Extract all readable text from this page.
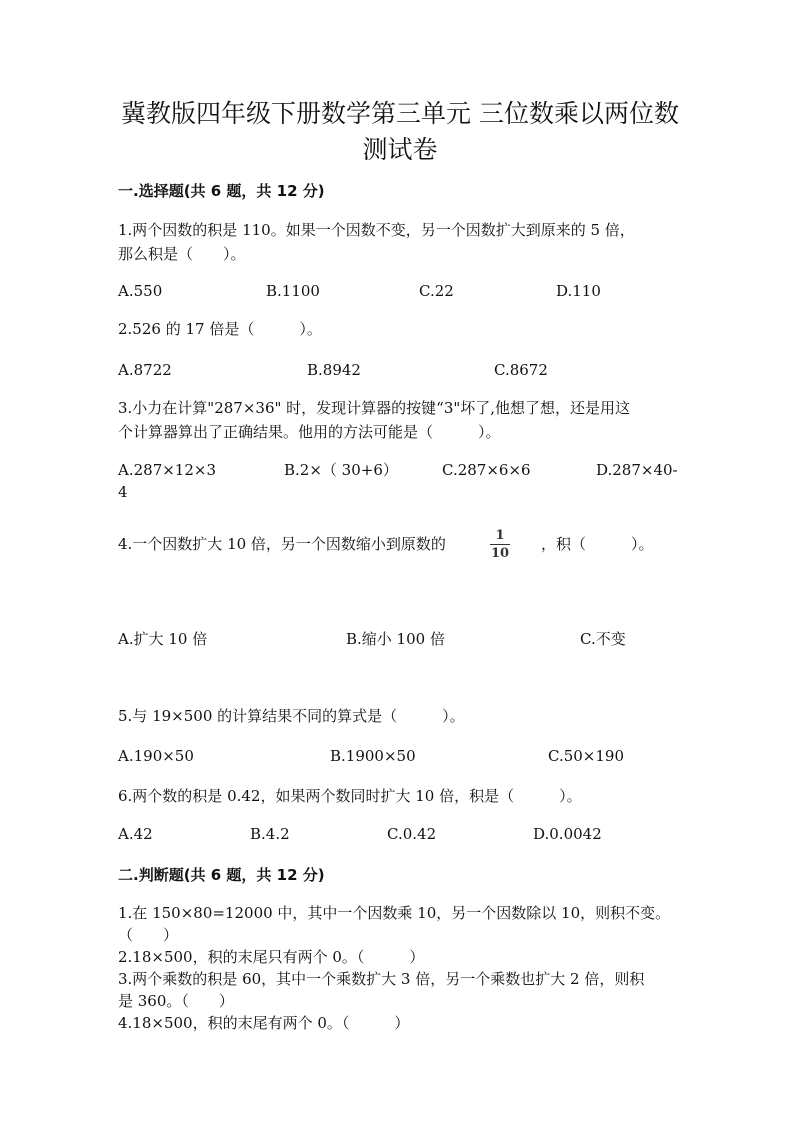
冀教版四年级下册数学第三单元 三位数乘以两位数
测试卷
一.选择题(共 6 题，共 12 分)
1.两个因数的积是 110。如果一个因数不变，另一个因数扩大到原来的 5 倍，
那么积是（　　）。
A.550	B.1100	C.22	D.110
2.526 的 17 倍是（　　　）。
A.8722	B.8942	C.8672
3.小力在计算"287×36" 时，发现计算器的按键“3"坏了,他想了想，还是用这
个计算器算出了正确结果。他用的方法可能是（　　　）。
A.287×12×3	B.2×（ 30+6）	C.287×6×6	D.287×40-
4
4.一个因数扩大 10 倍，另一个因数缩小到原数的	1
10
，积（　　　）。
A.扩大 10 倍	B.缩小 100 倍	C.不变
5.与 19×500 的计算结果不同的算式是（　　　）。
A.190×50	B.1900×50	C.50×190
6.两个数的积是 0.42，如果两个数同时扩大 10 倍，积是（　　　）。
A.42	B.4.2	C.0.42	D.0.0042
二.判断题(共 6 题，共 12 分)
1.在 150×80=12000 中，其中一个因数乘 10，另一个因数除以 10，则积不变。
（　　）
2.18×500，积的末尾只有两个 0。（　　　）
3.两个乘数的积是 60，其中一个乘数扩大 3 倍，另一个乘数也扩大 2 倍，则积
是 360。（　　）
4.18×500，积的末尾有两个 0。（　　　）
